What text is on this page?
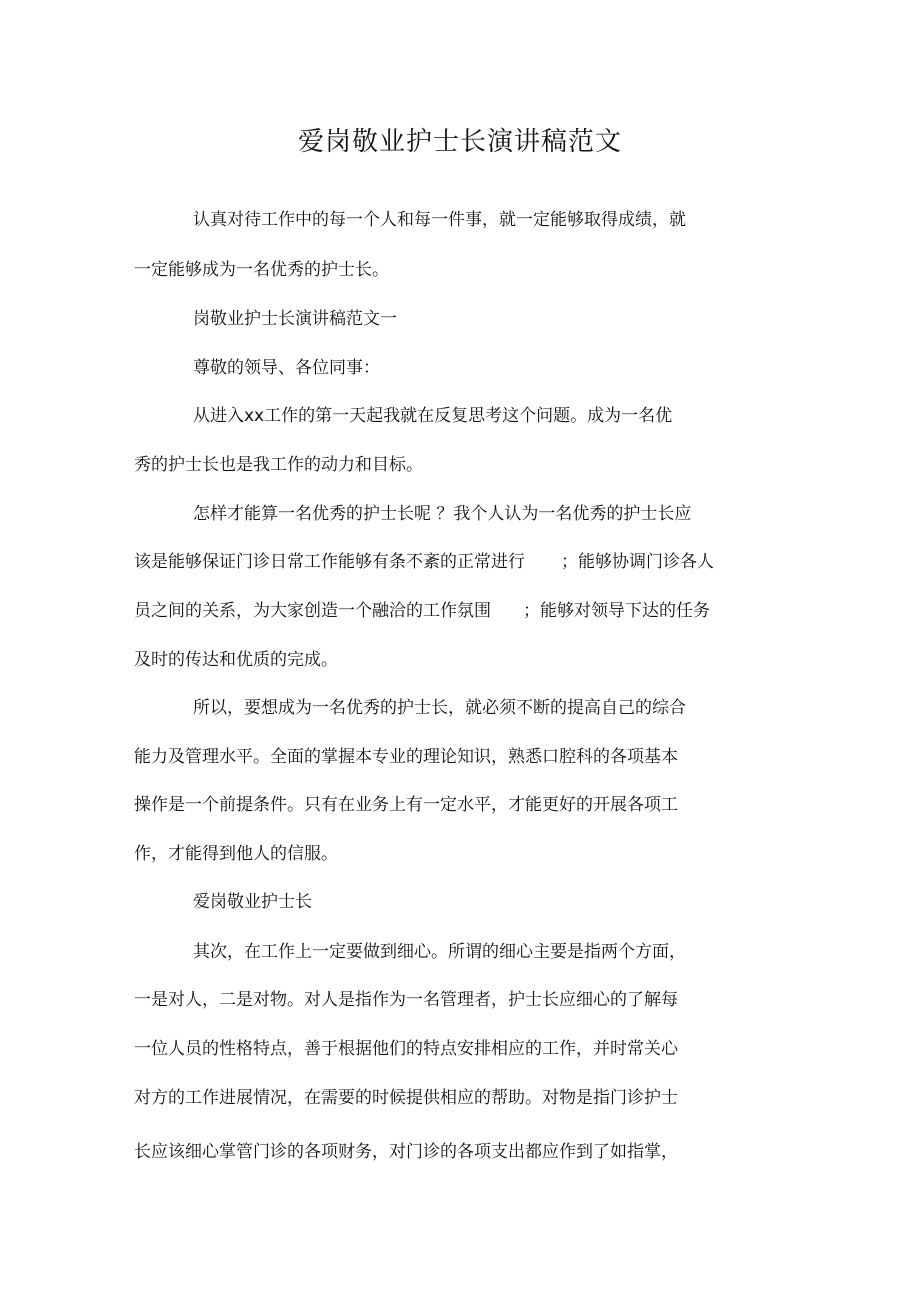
爱岗敬业护士长演讲稿范文
认真对待工作中的每一个人和每一件事，就一定能够取得成绩，就
一定能够成为一名优秀的护士长。
岗敬业护士长演讲稿范文一
尊敬的领导、各位同事：
从进入xx工作的第一天起我就在反复思考这个问题。成为一名优
秀的护士长也是我工作的动力和目标。
怎样才能算一名优秀的护士长呢 ？我个人认为一名优秀的护士长应
该是能够保证门诊日常工作能够有条不紊的正常进行 ；能够协调门诊各人
员之间的关系，为大家创造一个融洽的工作氛围 ；能够对领导下达的任务
及时的传达和优质的完成。
所以，要想成为一名优秀的护士长，就必须不断的提高自己的综合
能力及管理水平。全面的掌握本专业的理论知识，熟悉口腔科的各项基本
操作是一个前提条件。只有在业务上有一定水平，才能更好的开展各项工
作，才能得到他人的信服。
爱岗敬业护士长
其次，在工作上一定要做到细心。所谓的细心主要是指两个方面，
一是对人，二是对物。对人是指作为一名管理者，护士长应细心的了解每
一位人员的性格特点，善于根据他们的特点安排相应的工作，并时常关心
对方的工作进展情况，在需要的时候提供相应的帮助。对物是指门诊护士
长应该细心掌管门诊的各项财务，对门诊的各项支出都应作到了如指掌，
